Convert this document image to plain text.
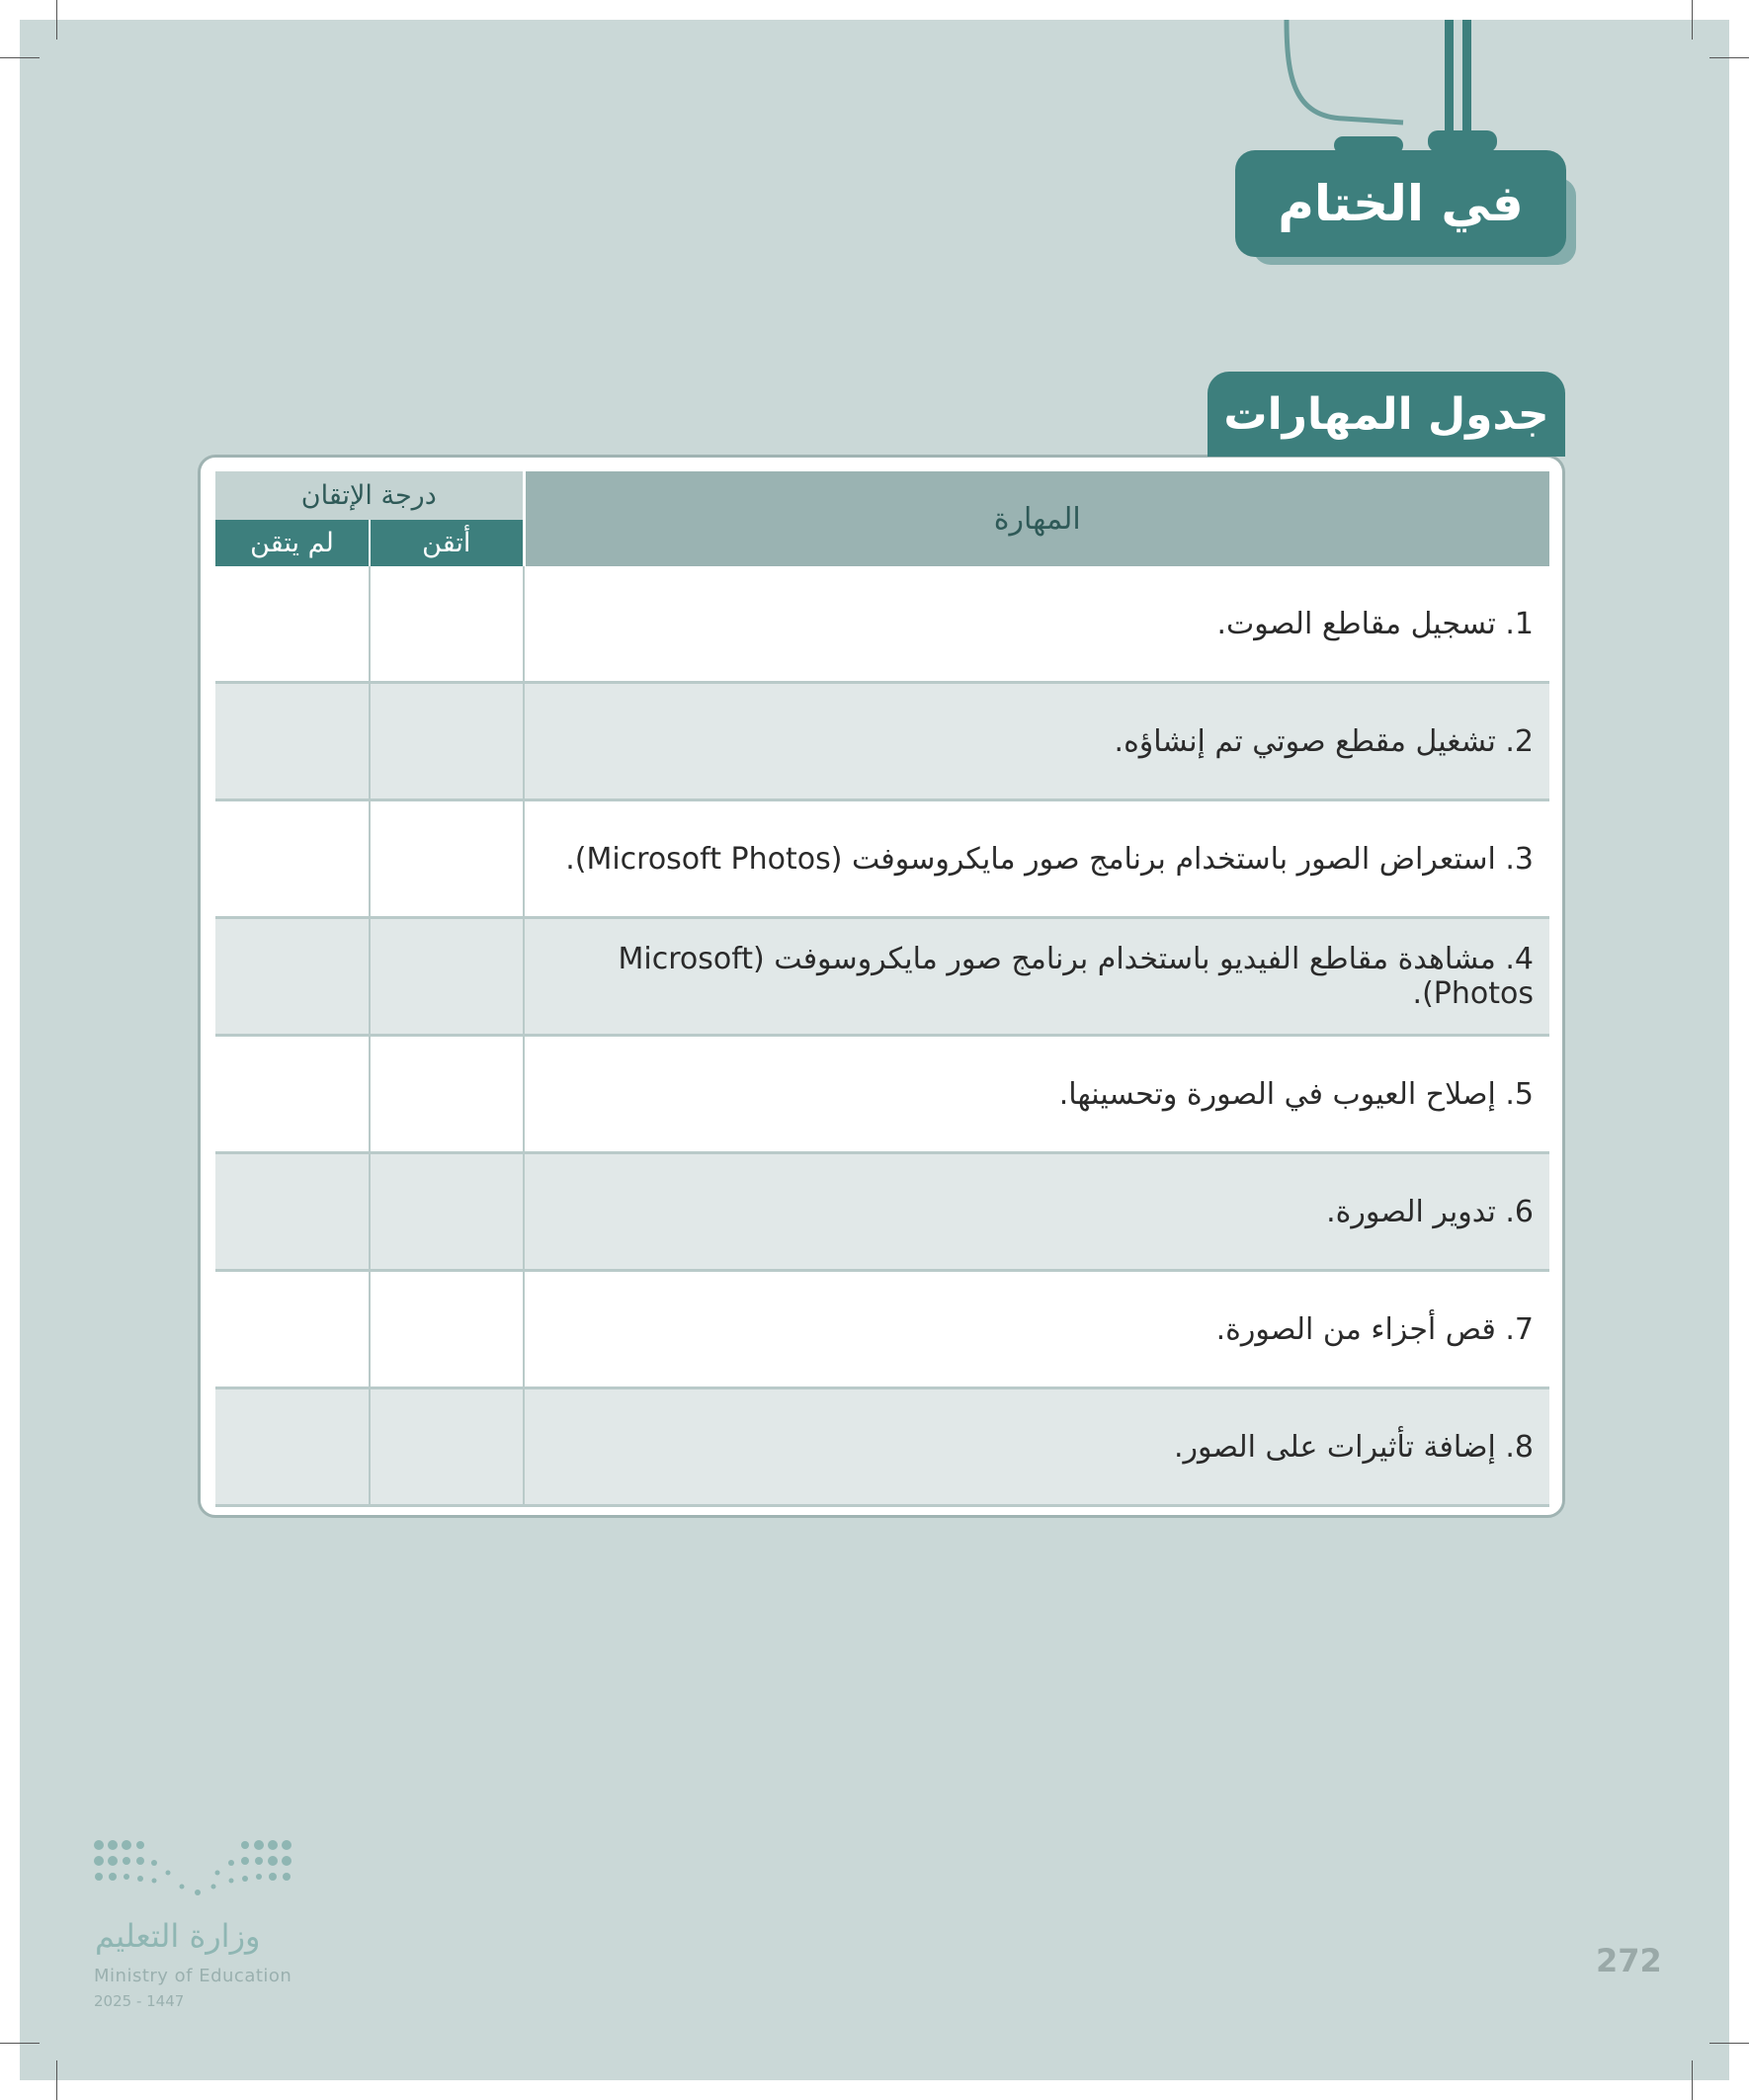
في الختام
جدول المهارات
المهارة	درجة الإتقان	
	أتقن	لم يتقن
1. تسجيل مقاطع الصوت.		
2. تشغيل مقطع صوتي تم إنشاؤه.		
3. استعراض الصور باستخدام برنامج صور مايكروسوفت (Microsoft Photos).		
4. مشاهدة مقاطع الفيديو باستخدام برنامج صور مايكروسوفت (Microsoft Photos).		
5. إصلاح العيوب في الصورة وتحسينها.		
6. تدوير الصورة.		
7. قص أجزاء من الصورة.		
8. إضافة تأثيرات على الصور.		
272
وزارة التعليم
Ministry of Education
2025 - 1447
